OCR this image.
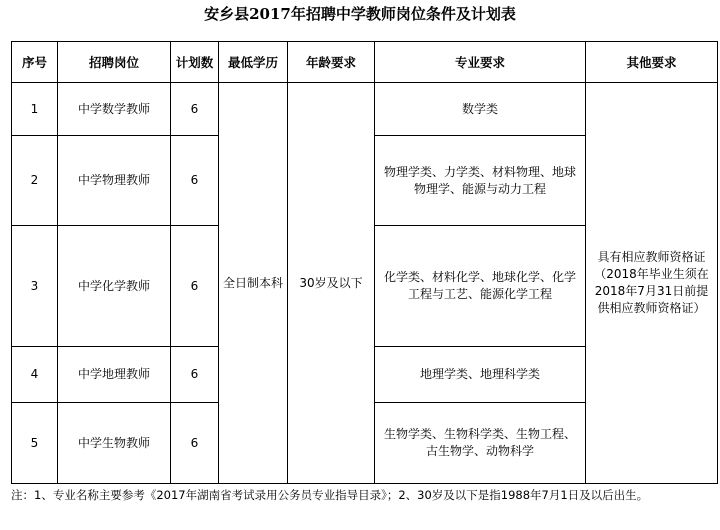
安乡县2017年招聘中学教师岗位条件及计划表
序号	招聘岗位	计划数	最低学历	年龄要求	专业要求	其他要求
1	中学数学教师	6	全日制本科	30岁及以下	数学类	具有相应教师资格证（2018年毕业生须在2018年7月31日前提供相应教师资格证）
2	中学物理教师	6			物理学类、力学类、材料物理、地球物理学、能源与动力工程	
3	中学化学教师	6			化学类、材料化学、地球化学、化学工程与工艺、能源化学工程	
4	中学地理教师	6			地理学类、地理科学类	
5	中学生物教师	6			生物学类、生物科学类、生物工程、古生物学、动物科学	
注：1、专业名称主要参考《2017年湖南省考试录用公务员专业指导目录》；2、30岁及以下是指1988年7月1日及以后出生。
